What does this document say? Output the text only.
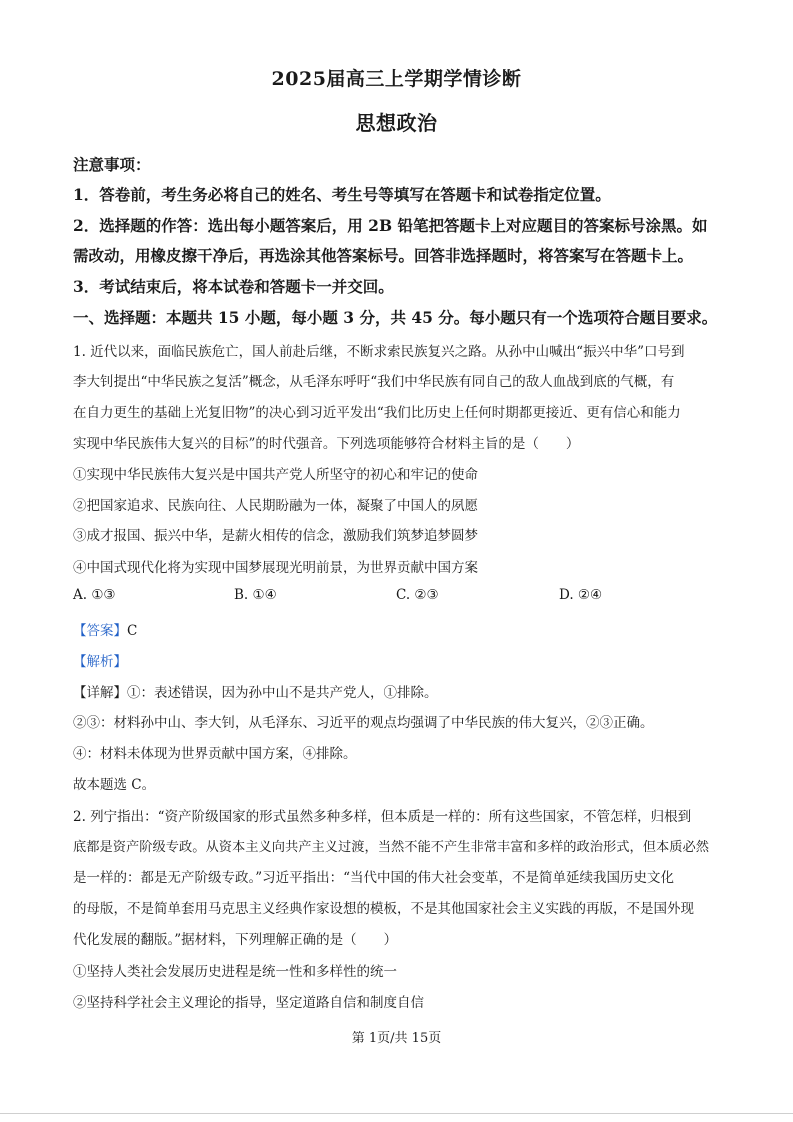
2025届高三上学期学情诊断
思想政治
注意事项：
1．答卷前，考生务必将自己的姓名、考生号等填写在答题卡和试卷指定位置。
2．选择题的作答：选出每小题答案后，用 2B 铅笔把答题卡上对应题目的答案标号涂黑。如
需改动，用橡皮擦干净后，再选涂其他答案标号。回答非选择题时，将答案写在答题卡上。
3．考试结束后，将本试卷和答题卡一并交回。
一、选择题：本题共 15 小题，每小题 3 分，共 45 分。每小题只有一个选项符合题目要求。
1. 近代以来，面临民族危亡，国人前赴后继，不断求索民族复兴之路。从孙中山喊出“振兴中华”口号到
李大钊提出“中华民族之复活”概念，从毛泽东呼吁“我们中华民族有同自己的敌人血战到底的气概，有
在自力更生的基础上光复旧物”的决心到习近平发出“我们比历史上任何时期都更接近、更有信心和能力
实现中华民族伟大复兴的目标”的时代强音。下列选项能够符合材料主旨的是（　　）
①实现中华民族伟大复兴是中国共产党人所坚守的初心和牢记的使命
②把国家追求、民族向往、人民期盼融为一体，凝聚了中国人的夙愿
③成才报国、振兴中华，是薪火相传的信念，激励我们筑梦追梦圆梦
④中国式现代化将为实现中国梦展现光明前景，为世界贡献中国方案
A. ①③	B. ①④	C. ②③	D. ②④
【答案】C
【解析】
【详解】①：表述错误，因为孙中山不是共产党人，①排除。
②③：材料孙中山、李大钊，从毛泽东、习近平的观点均强调了中华民族的伟大复兴，②③正确。
④：材料未体现为世界贡献中国方案，④排除。
故本题选 C。
2. 列宁指出：“资产阶级国家的形式虽然多种多样，但本质是一样的：所有这些国家，不管怎样，归根到
底都是资产阶级专政。从资本主义向共产主义过渡，当然不能不产生非常丰富和多样的政治形式，但本质必然
是一样的：都是无产阶级专政。”习近平指出：“当代中国的伟大社会变革，不是简单延续我国历史文化
的母版，不是简单套用马克思主义经典作家设想的模板，不是其他国家社会主义实践的再版，不是国外现
代化发展的翻版。”据材料，下列理解正确的是（　　）
①坚持人类社会发展历史进程是统一性和多样性的统一
②坚持科学社会主义理论的指导，坚定道路自信和制度自信
第 1页/共 15页
